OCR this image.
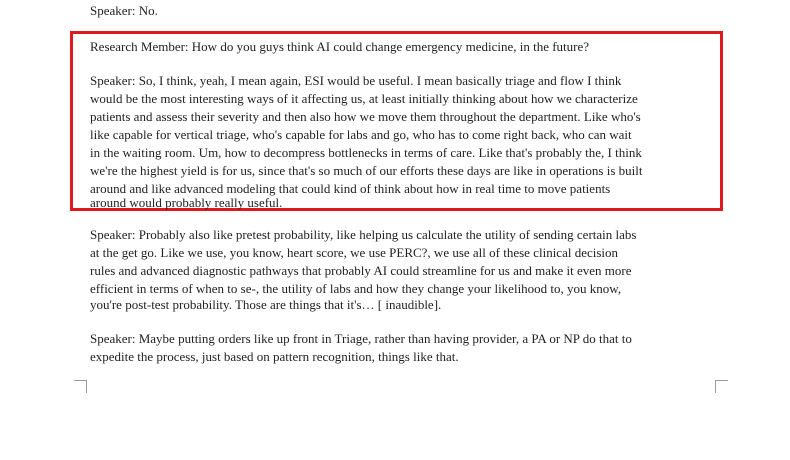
Speaker: No.
Research Member: How do you guys think AI could change emergency medicine, in the future?
Speaker: So, I think, yeah, I mean again, ESI would be useful. I mean basically triage and flow I think
would be the most interesting ways of it affecting us, at least initially thinking about how we characterize
patients and assess their severity and then also how we move them throughout the department. Like who's
like capable for vertical triage, who's capable for labs and go, who has to come right back, who can wait
in the waiting room. Um, how to decompress bottlenecks in terms of care. Like that's probably the, I think
we're the highest yield is for us, since that's so much of our efforts these days are like in operations is built
around and like advanced modeling that could kind of think about how in real time to move patients
around would probably really useful.
Speaker: Probably also like pretest probability, like helping us calculate the utility of sending certain labs
at the get go. Like we use, you know, heart score, we use PERC?, we use all of these clinical decision
rules and advanced diagnostic pathways that probably AI could streamline for us and make it even more
efficient in terms of when to se-, the utility of labs and how they change your likelihood to, you know,
you're post-test probability. Those are things that it's… [ inaudible].
Speaker: Maybe putting orders like up front in Triage, rather than having provider, a PA or NP do that to
expedite the process, just based on pattern recognition, things like that.
